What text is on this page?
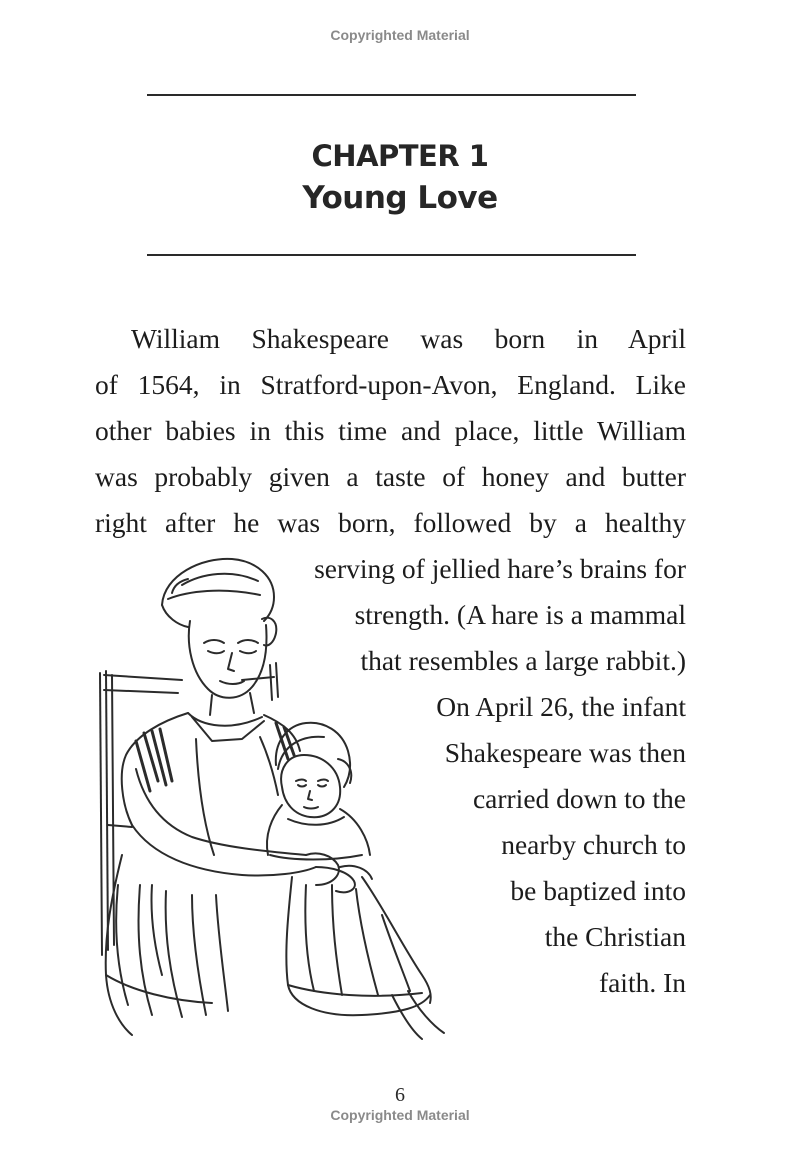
Copyrighted Material
CHAPTER 1
Young Love
William Shakespeare was born in April
of 1564, in Stratford-upon-Avon, England. Like
other babies in this time and place, little William
was probably given a taste of honey and butter
right after he was born, followed by a healthy
serving of jellied hare’s brains for
strength. (A hare is a mammal
that resembles a large rabbit.)
On April 26, the infant
Shakespeare was then
carried down to the
nearby church to
be baptized into
the Christian
faith. In
6
Copyrighted Material
